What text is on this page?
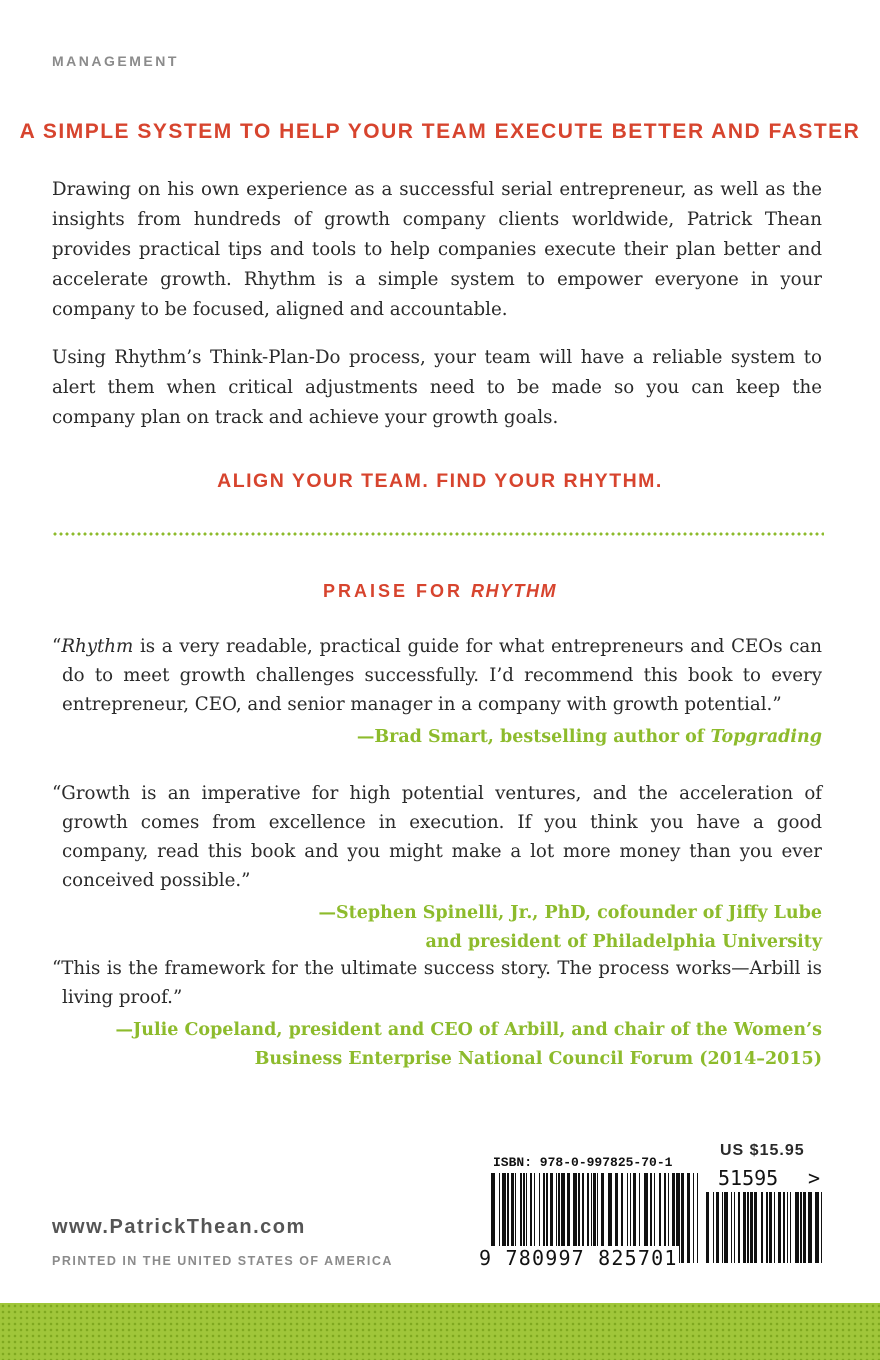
MANAGEMENT
A SIMPLE SYSTEM TO HELP YOUR TEAM EXECUTE BETTER AND FASTER

Drawing on his own experience as a successful serial entrepreneur, as well as the insights from hundreds of growth company clients worldwide, Patrick Thean provides practical tips and tools to help companies execute their plan better and accelerate growth. Rhythm is a simple system to empower everyone in your company to be focused, aligned and accountable.

Using Rhythm’s Think-Plan-Do process, your team will have a reliable system to alert them when critical adjustments need to be made so you can keep the company plan on track and achieve your growth goals.

ALIGN YOUR TEAM. FIND YOUR RHYTHM.
PRAISE FOR RHYTHM
“Rhythm is a very readable, practical guide for what entrepreneurs and CEOs can do to meet growth challenges successfully. I’d recommend this book to every entrepreneur, CEO, and senior manager in a company with growth potential.”
—Brad Smart, bestselling author of Topgrading
“Growth is an imperative for high potential ventures, and the acceleration of growth comes from excellence in execution. If you think you have a good company, read this book and you might make a lot more money than you ever conceived possible.”
—Stephen Spinelli, Jr., PhD, cofounder of Jiffy Lube
and president of Philadelphia University
“This is the framework for the ultimate success story. The process works—Arbill is living proof.”
—Julie Copeland, president and CEO of Arbill, and chair of the Women’s
Business Enterprise National Council Forum (2014–2015)
US $15.95
ISBN: 978-0-997825-70-1
51595 >
9 780997 825701
www.PatrickThean.com
PRINTED IN THE UNITED STATES OF AMERICA
